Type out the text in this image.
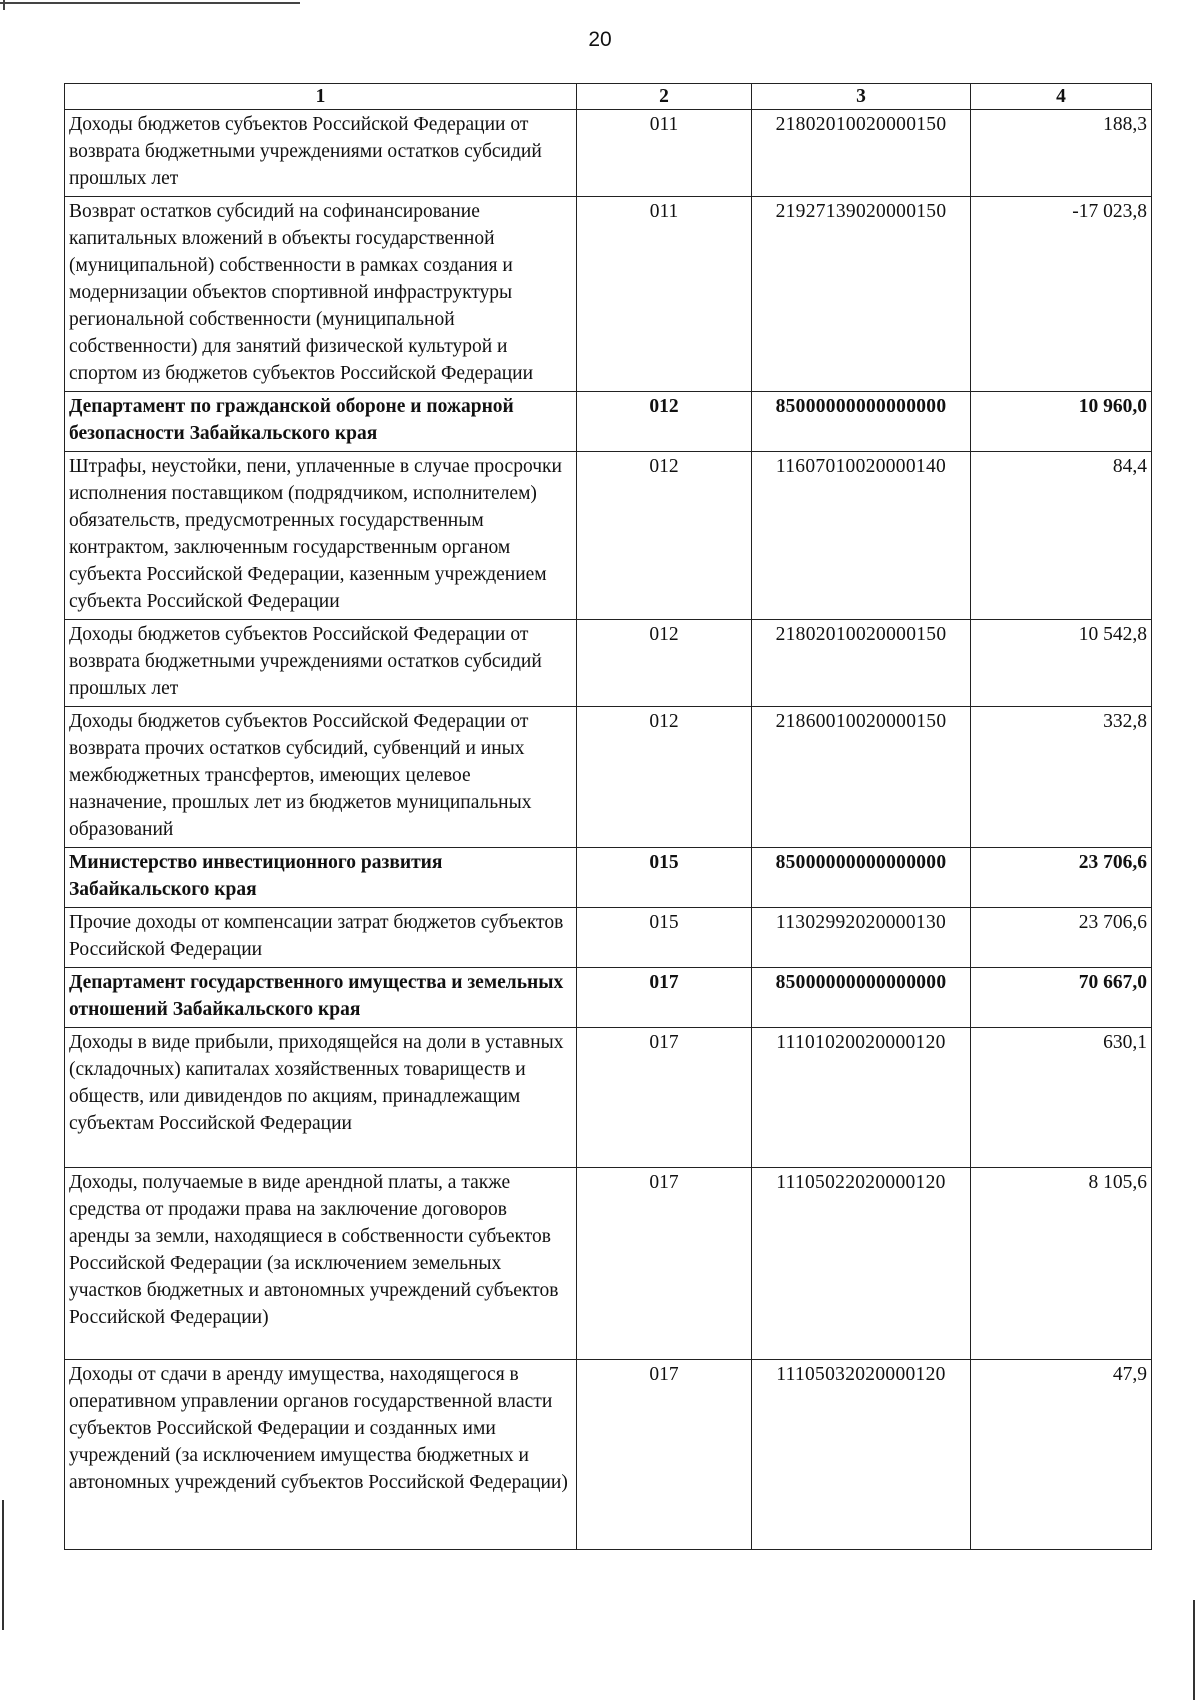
20
1	2	3	4
Доходы бюджетов субъектов Российской Федерации от возврата бюджетными учреждениями остатков субсидий прошлых лет	011	21802010020000150	188,3
Возврат остатков субсидий на софинансирование капитальных вложений в объекты государственной (муниципальной) собственности в рамках создания и модернизации объектов спортивной инфраструктуры региональной собственности (муниципальной собственности) для занятий физической культурой и спортом из бюджетов субъектов Российской Федерации	011	21927139020000150	-17 023,8
Департамент по гражданской обороне и пожарной безопасности Забайкальского края	012	85000000000000000	10 960,0
Штрафы, неустойки, пени, уплаченные в случае просрочки исполнения поставщиком (подрядчиком, исполнителем) обязательств, предусмотренных государственным контрактом, заключенным государственным органом субъекта Российской Федерации, казенным учреждением субъекта Российской Федерации	012	11607010020000140	84,4
Доходы бюджетов субъектов Российской Федерации от возврата бюджетными учреждениями остатков субсидий прошлых лет	012	21802010020000150	10 542,8
Доходы бюджетов субъектов Российской Федерации от возврата прочих остатков субсидий, субвенций и иных межбюджетных трансфертов, имеющих целевое назначение, прошлых лет из бюджетов муниципальных образований	012	21860010020000150	332,8
Министерство инвестиционного развития Забайкальского края	015	85000000000000000	23 706,6
Прочие доходы от компенсации затрат бюджетов субъектов Российской Федерации	015	11302992020000130	23 706,6
Департамент государственного имущества и земельных отношений Забайкальского края	017	85000000000000000	70 667,0
Доходы в виде прибыли, приходящейся на доли в уставных (складочных) капиталах хозяйственных товариществ и обществ, или дивидендов по акциям, принадлежащим субъектам Российской Федерации	017	11101020020000120	630,1
Доходы, получаемые в виде арендной платы, а также средства от продажи права на заключение договоров аренды за земли, находящиеся в собственности субъектов Российской Федерации (за исключением земельных участков бюджетных и автономных учреждений субъектов Российской Федерации)	017	11105022020000120	8 105,6
Доходы от сдачи в аренду имущества, находящегося в оперативном управлении органов государственной власти субъектов Российской Федерации и созданных ими учреждений (за исключением имущества бюджетных и автономных учреждений субъектов Российской Федерации)	017	11105032020000120	47,9
